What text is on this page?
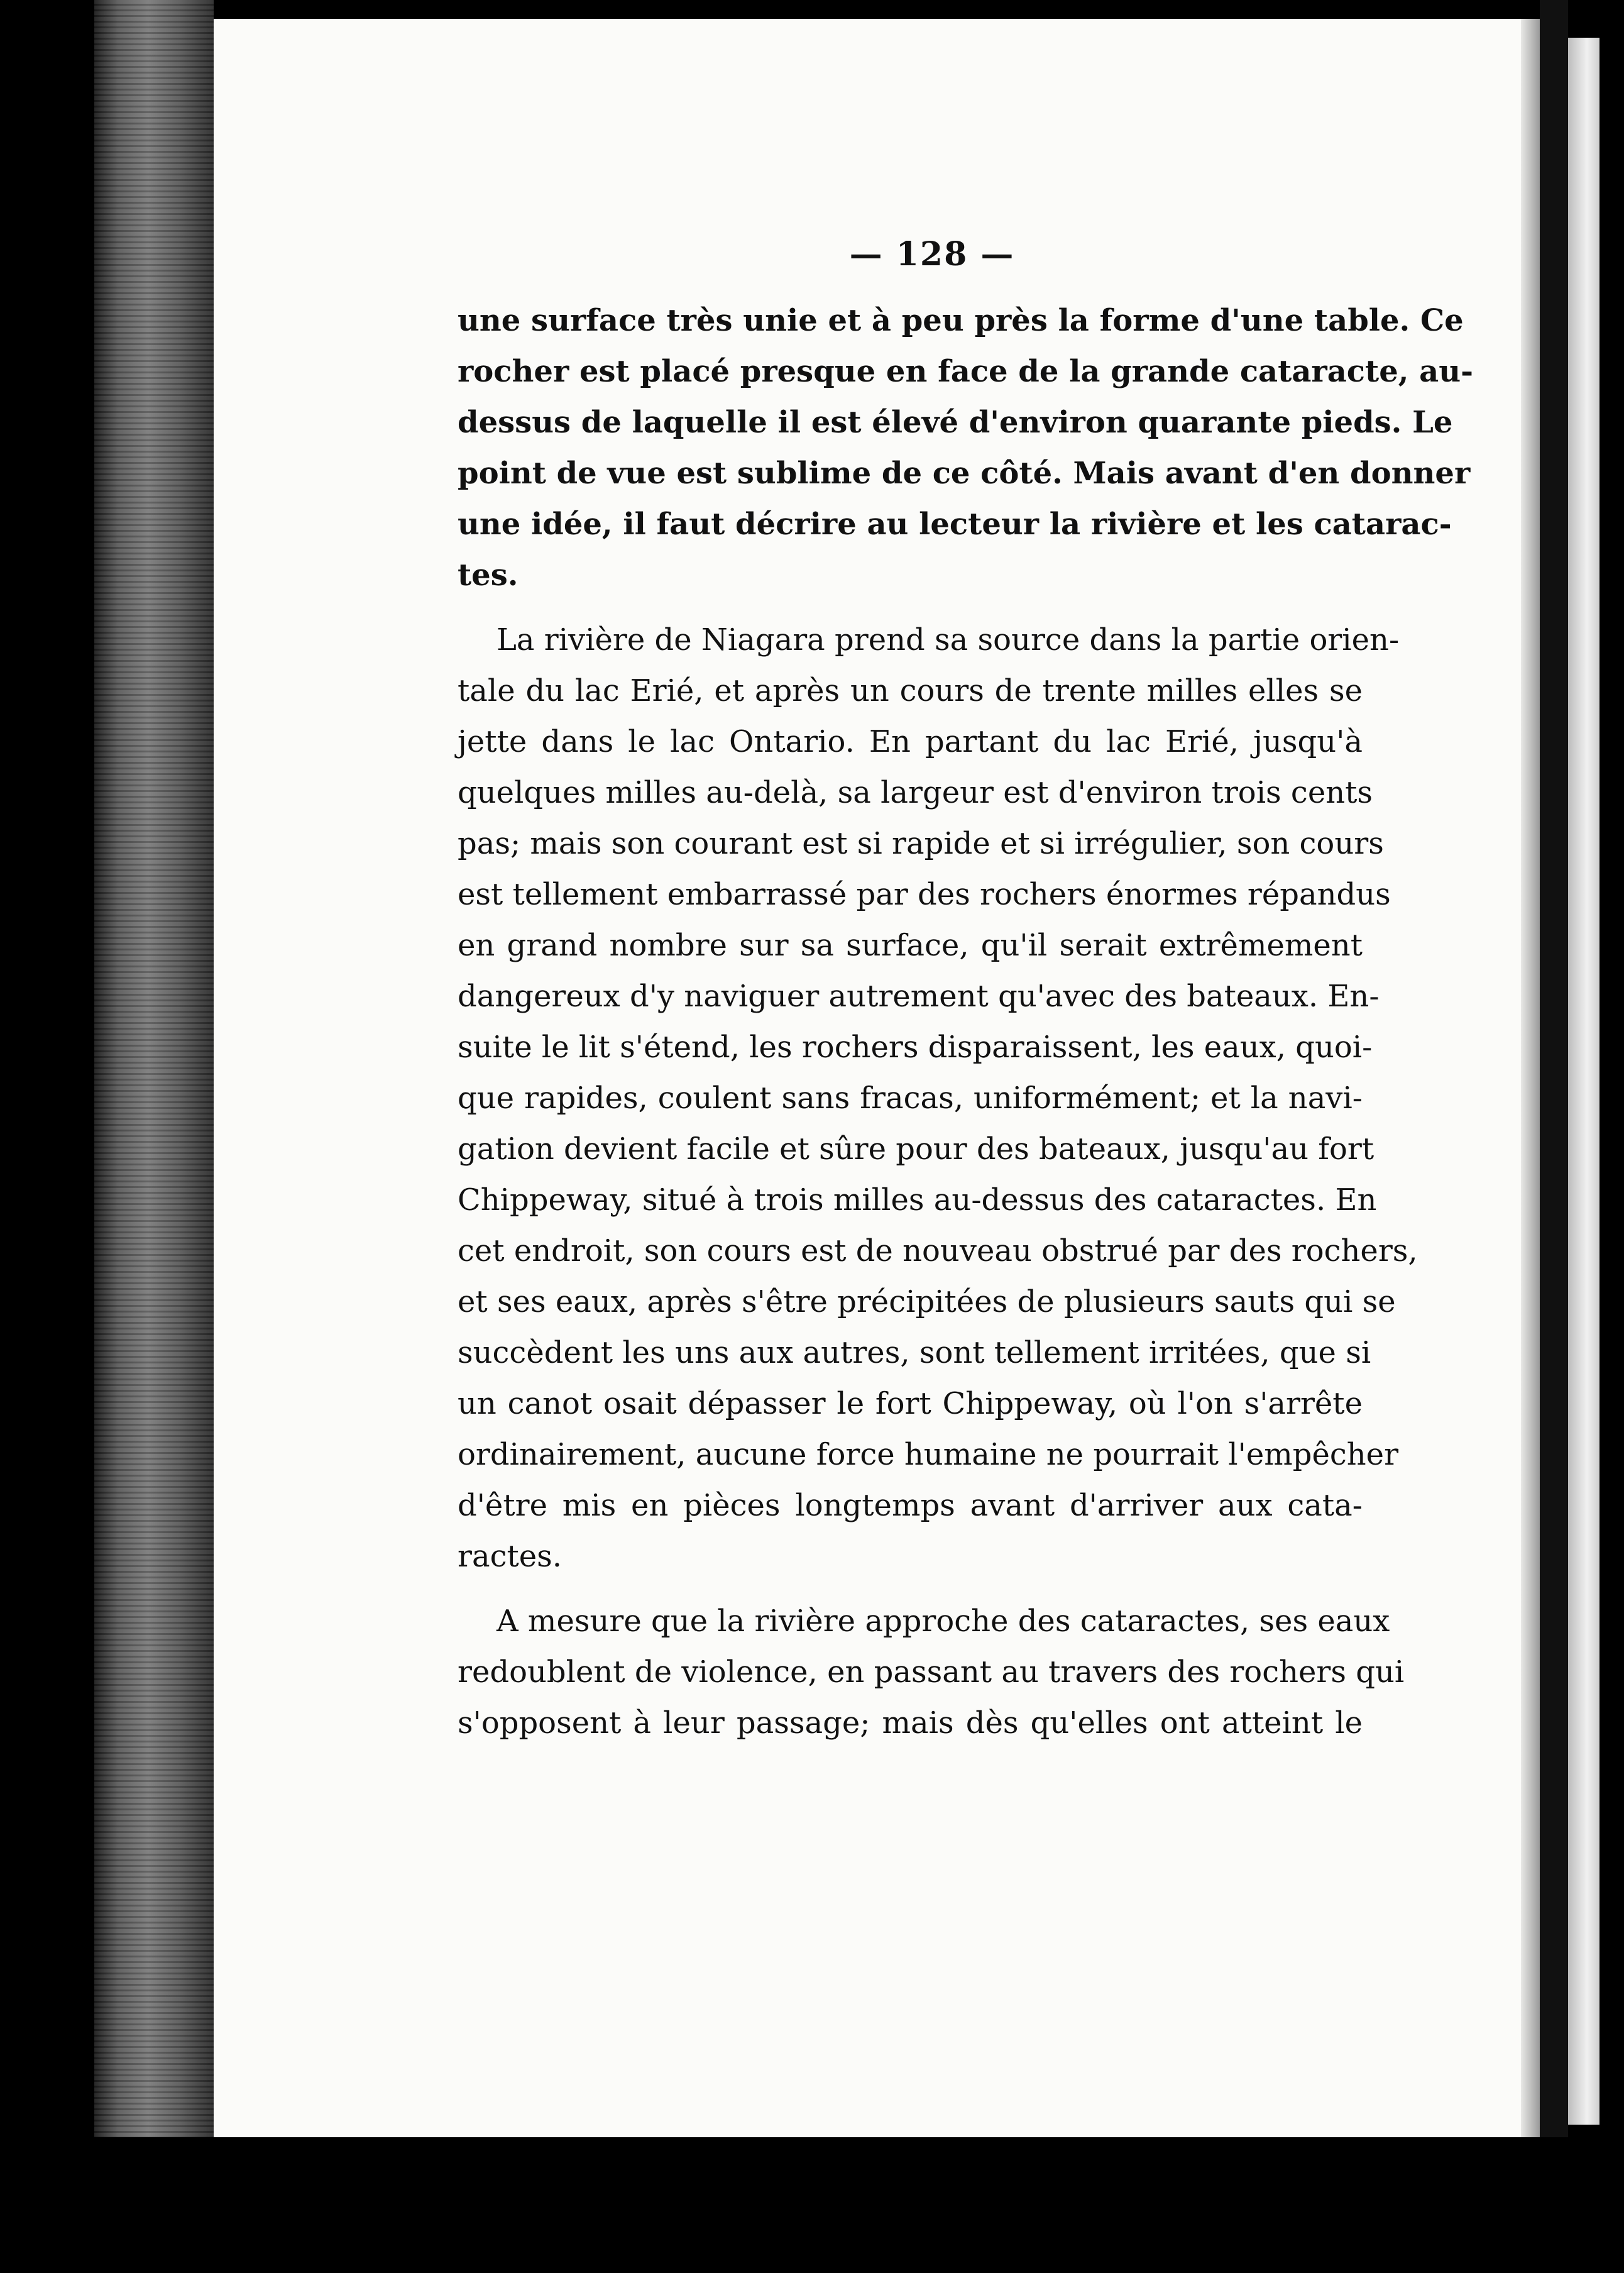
— 128 —
une surface très unie et à peu près la forme d'une table. Ce
rocher est placé presque en face de la grande cataracte, au-
dessus de laquelle il est élevé d'environ quarante pieds. Le
point de vue est sublime de ce côté. Mais avant d'en donner
une idée, il faut décrire au lecteur la rivière et les catarac-
tes.
La rivière de Niagara prend sa source dans la partie orien-
tale du lac Erié, et après un cours de trente milles elles se
jette dans le lac Ontario. En partant du lac Erié, jusqu'à
quelques milles au-delà, sa largeur est d'environ trois cents
pas; mais son courant est si rapide et si irrégulier, son cours
est tellement embarrassé par des rochers énormes répandus
en grand nombre sur sa surface, qu'il serait extrêmement
dangereux d'y naviguer autrement qu'avec des bateaux. En-
suite le lit s'étend, les rochers disparaissent, les eaux, quoi-
que rapides, coulent sans fracas, uniformément; et la navi-
gation devient facile et sûre pour des bateaux, jusqu'au fort
Chippeway, situé à trois milles au-dessus des cataractes. En
cet endroit, son cours est de nouveau obstrué par des rochers,
et ses eaux, après s'être précipitées de plusieurs sauts qui se
succèdent les uns aux autres, sont tellement irritées, que si
un canot osait dépasser le fort Chippeway, où l'on s'arrête
ordinairement, aucune force humaine ne pourrait l'empêcher
d'être mis en pièces longtemps avant d'arriver aux cata-
ractes.
A mesure que la rivière approche des cataractes, ses eaux
redoublent de violence, en passant au travers des rochers qui
s'opposent à leur passage; mais dès qu'elles ont atteint le
